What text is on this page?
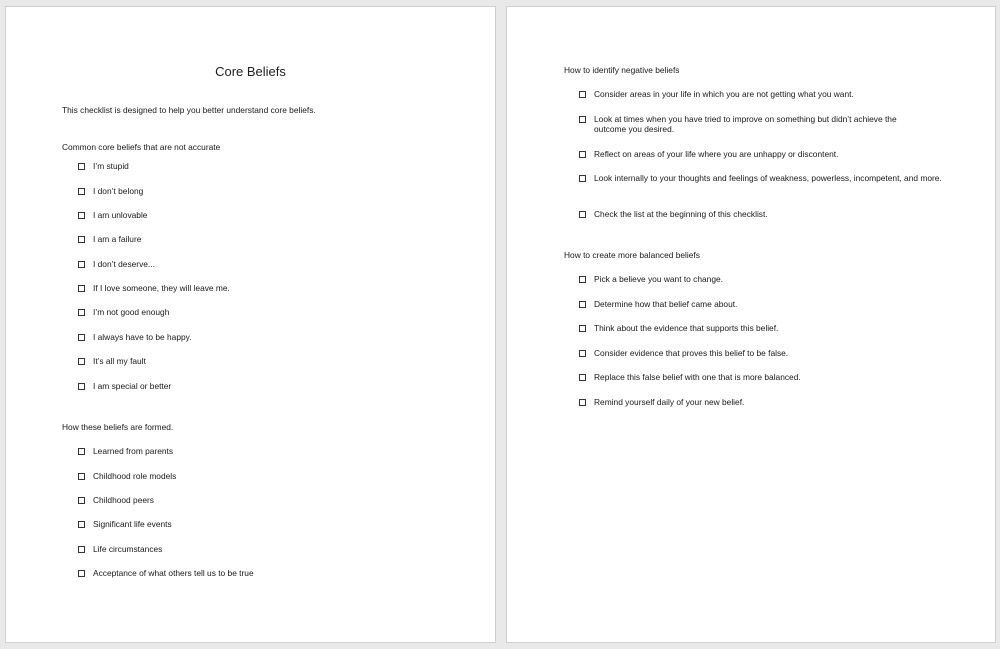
Core Beliefs
This checklist is designed to help you better understand core beliefs.
Common core beliefs that are not accurate
I’m stupid
I don’t belong
I am unlovable
I am a failure
I don’t deserve...
If I love someone, they will leave me.
I’m not good enough
I always have to be happy.
It’s all my fault
I am special or better
How these beliefs are formed.
Learned from parents
Childhood role models
Childhood peers
Significant life events
Life circumstances
Acceptance of what others tell us to be true
How to identify negative beliefs
Consider areas in your life in which you are not getting what you want.
Look at times when you have tried to improve on something but didn’t achieve the outcome you desired.
Reflect on areas of your life where you are unhappy or discontent.
Look internally to your thoughts and feelings of weakness, powerless, incompetent, and more.
Check the list at the beginning of this checklist.
How to create more balanced beliefs
Pick a believe you want to change.
Determine how that belief came about.
Think about the evidence that supports this belief.
Consider evidence that proves this belief to be false.
Replace this false belief with one that is more balanced.
Remind yourself daily of your new belief.
